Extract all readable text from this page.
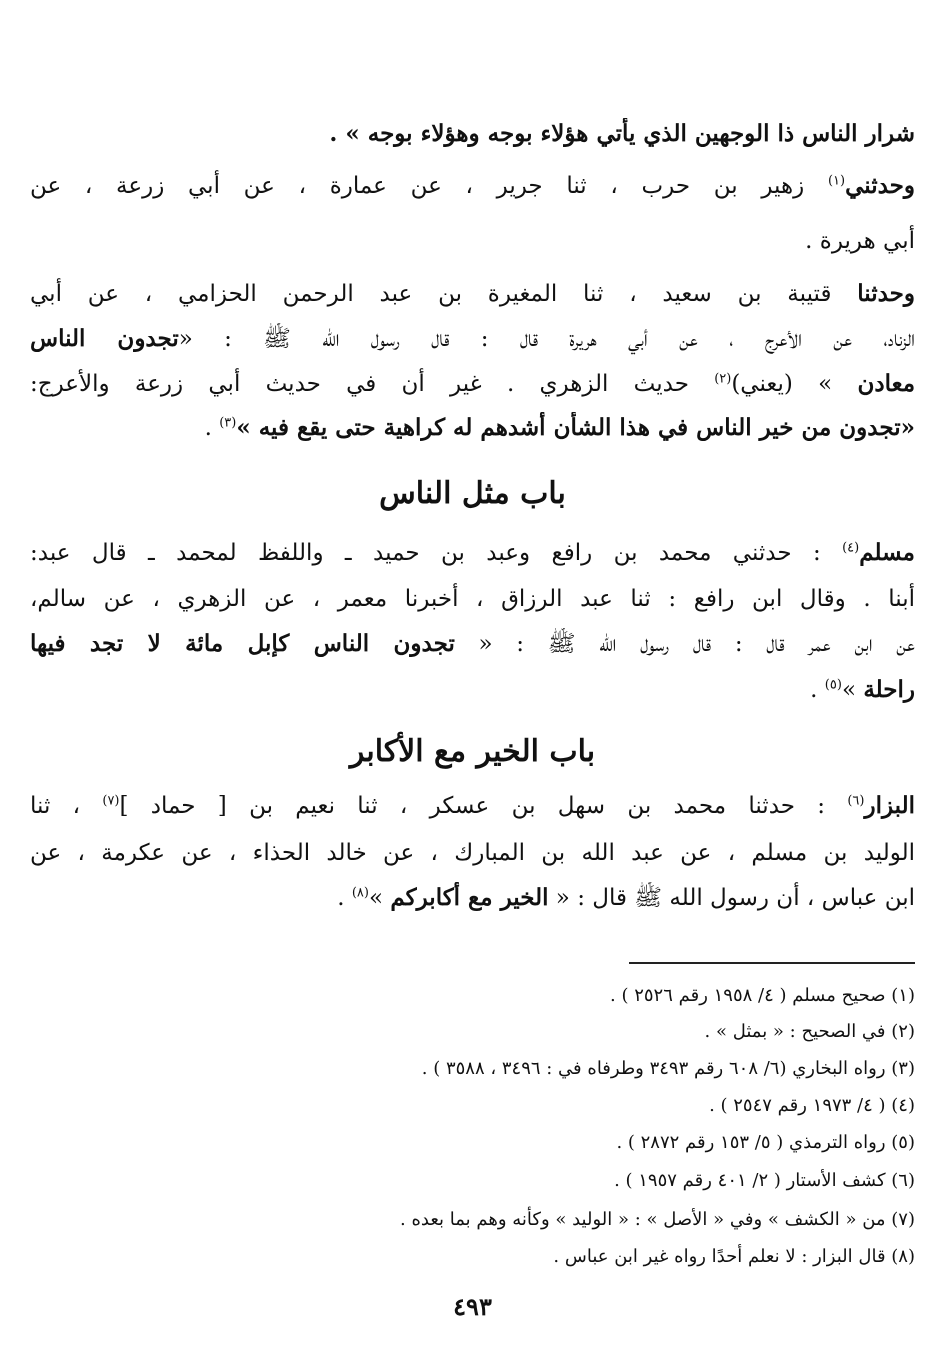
شرار الناس ذا الوجهين الذي يأتي هؤلاء بوجه وهؤلاء بوجه » .
وحدثني$^{(١)}$ زهير بن حرب ، ثنا جرير ، عن عمارة ، عن أبي زرعة ، عن
أبي هريرة .
وحدثنا قتيبة بن سعيد ، ثنا المغيرة بن عبد الرحمن الحزامي ، عن أبي
الزناد، عن الأعرج ، عن أبي هريرة قال : قال رسول الله ﷺ : «تجدون الناس
معادن » (يعني)$^{(٢)}$ حديث الزهري . غير أن في حديث أبي زرعة والأعرج:
«تجدون من خير الناس في هذا الشأن أشدهم له كراهية حتى يقع فيه »$^{(٣)}$ .
باب مثل الناس
مسلم$^{(٤)}$ : حدثني محمد بن رافع وعبد بن حميد ـ واللفظ لمحمد ـ قال عبد:
أبنا . وقال ابن رافع : ثنا عبد الرزاق ، أخبرنا معمر ، عن الزهري ، عن سالم،
عن ابن عمر قال : قال رسول الله ﷺ : « تجدون الناس كإبل مائة لا تجد فيها
راحلة »$^{(٥)}$ .
باب الخير مع الأكابر
البزار$^{(٦)}$ : حدثنا محمد بن سهل بن عسكر ، ثنا نعيم بن [ حماد ]$^{(٧)}$ ، ثنا
الوليد بن مسلم ، عن عبد الله بن المبارك ، عن خالد الحذاء ، عن عكرمة ، عن
ابن عباس ، أن رسول الله ﷺ قال : « الخير مع أكابركم »$^{(٨)}$ .
(١) صحيح مسلم ( ٤/ ١٩٥٨ رقم ٢٥٢٦ ) .
(٢) في الصحيح : « بمثل » .
(٣) رواه البخاري (٦/ ٦٠٨ رقم ٣٤٩٣ وطرفاه في : ٣٤٩٦ ، ٣٥٨٨ ) .
(٤) ( ٤/ ١٩٧٣ رقم ٢٥٤٧ ) .
(٥) رواه الترمذي ( ٥/ ١٥٣ رقم ٢٨٧٢ ) .
(٦) كشف الأستار ( ٢/ ٤٠١ رقم ١٩٥٧ ) .
(٧) من « الكشف » وفي « الأصل » : « الوليد » وكأنه وهم بما بعده .
(٨) قال البزار : لا نعلم أحدًا رواه غير ابن عباس .
٤٩٣
